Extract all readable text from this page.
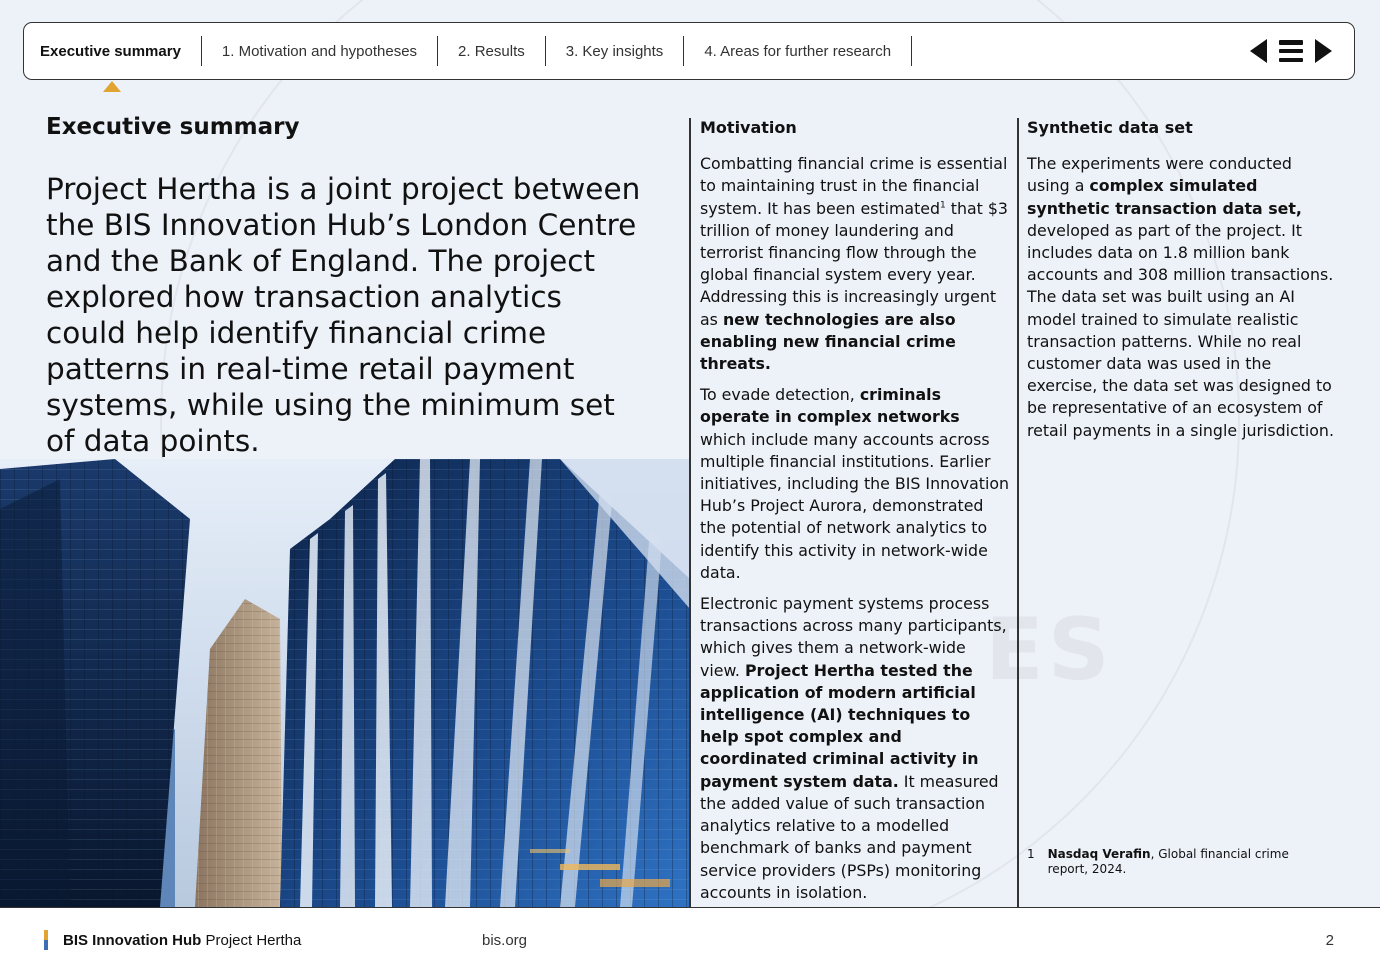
ES
Executive summary	1. Motivation and hypotheses	2. Results	3. Key insights	4. Areas for further research
Executive summary

Project Hertha is a joint project between the BIS Innovation Hub’s London Centre and the Bank of England. The project explored how transaction analytics could help identify financial crime patterns in real-time retail payment systems, while using the minimum set of data points.

Motivation

Combatting financial crime is essential to maintaining trust in the financial system. It has been estimated$^1$ that $3 trillion of money laundering and terrorist financing flow through the global financial system every year. Addressing this is increasingly urgent as new technologies are also enabling new financial crime threats.

To evade detection, criminals operate in complex networks which include many accounts across multiple financial institutions. Earlier initiatives, including the BIS Innovation Hub’s Project Aurora, demonstrated the potential of network analytics to identify this activity in network-wide data.

Electronic payment systems process transactions across many participants, which gives them a network-wide view. Project Hertha tested the application of modern artificial intelligence (AI) techniques to help spot complex and coordinated criminal activity in payment system data. It measured the added value of such transaction analytics relative to a modelled benchmark of banks and payment service providers (PSPs) monitoring accounts in isolation.

Synthetic data set

The experiments were conducted using a complex simulated synthetic transaction data set, developed as part of the project. It includes data on 1.8 million bank accounts and 308 million transactions. The data set was built using an AI model trained to simulate realistic transaction patterns. While no real customer data was used in the exercise, the data set was designed to be representative of an ecosystem of retail payments in a single jurisdiction.

1 Nasdaq Verafin, Global financial crime report, 2024.
BIS Innovation Hub Project Hertha	bis.org	2
